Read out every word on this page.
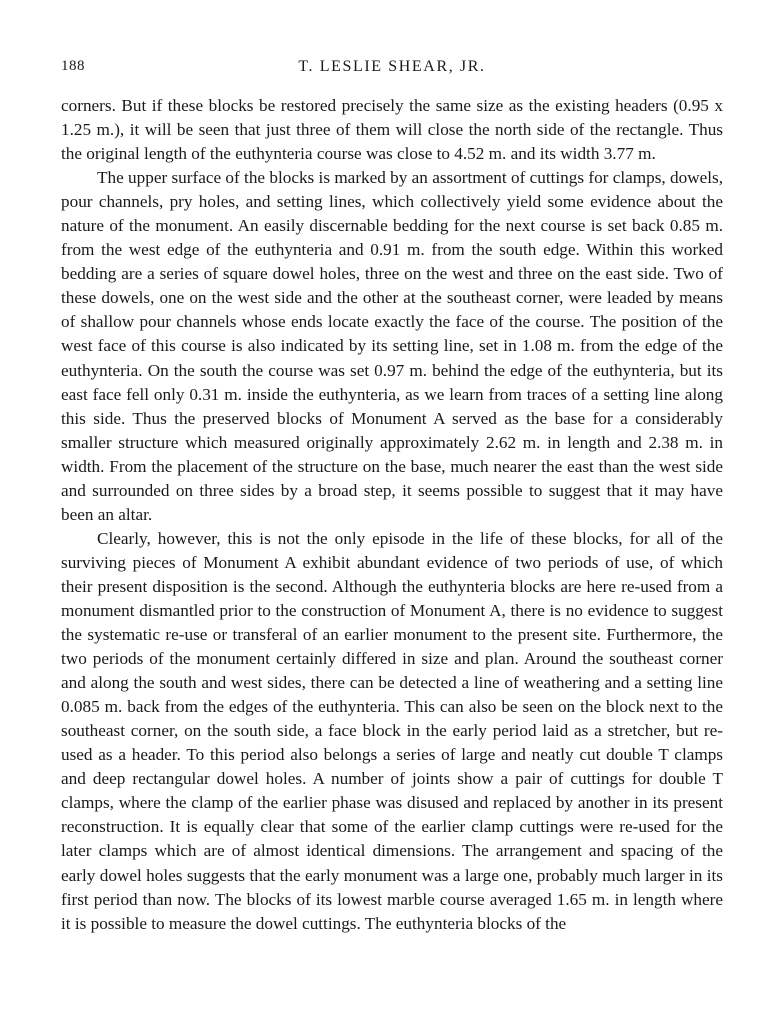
188	T. LESLIE SHEAR, JR.

corners. But if these blocks be restored precisely the same size as the existing headers (0.95 x 1.25 m.), it will be seen that just three of them will close the north side of the rectangle. Thus the original length of the euthynteria course was close to 4.52 m. and its width 3.77 m.

The upper surface of the blocks is marked by an assortment of cuttings for clamps, dowels, pour channels, pry holes, and setting lines, which collectively yield some evidence about the nature of the monument. An easily discernable bedding for the next course is set back 0.85 m. from the west edge of the euthynteria and 0.91 m. from the south edge. Within this worked bedding are a series of square dowel holes, three on the west and three on the east side. Two of these dowels, one on the west side and the other at the southeast corner, were leaded by means of shallow pour channels whose ends locate exactly the face of the course. The position of the west face of this course is also indicated by its setting line, set in 1.08 m. from the edge of the euthynteria. On the south the course was set 0.97 m. behind the edge of the euthynteria, but its east face fell only 0.31 m. inside the euthynteria, as we learn from traces of a setting line along this side. Thus the preserved blocks of Monument A served as the base for a considerably smaller structure which measured originally approximately 2.62 m. in length and 2.38 m. in width. From the placement of the structure on the base, much nearer the east than the west side and surrounded on three sides by a broad step, it seems possible to suggest that it may have been an altar.

Clearly, however, this is not the only episode in the life of these blocks, for all of the surviving pieces of Monument A exhibit abundant evidence of two periods of use, of which their present disposition is the second. Although the euthynteria blocks are here re-used from a monument dismantled prior to the construction of Monument A, there is no evidence to suggest the systematic re-use or transferal of an earlier monument to the present site. Furthermore, the two periods of the monument certainly differed in size and plan. Around the southeast corner and along the south and west sides, there can be detected a line of weathering and a setting line 0.085 m. back from the edges of the euthynteria. This can also be seen on the block next to the southeast corner, on the south side, a face block in the early period laid as a stretcher, but re-used as a header. To this period also belongs a series of large and neatly cut double T clamps and deep rectangular dowel holes. A number of joints show a pair of cuttings for double T clamps, where the clamp of the earlier phase was disused and replaced by another in its present reconstruction. It is equally clear that some of the earlier clamp cuttings were re-used for the later clamps which are of almost identical dimensions. The arrangement and spacing of the early dowel holes suggests that the early monument was a large one, probably much larger in its first period than now. The blocks of its lowest marble course averaged 1.65 m. in length where it is possible to measure the dowel cuttings. The euthynteria blocks of the
